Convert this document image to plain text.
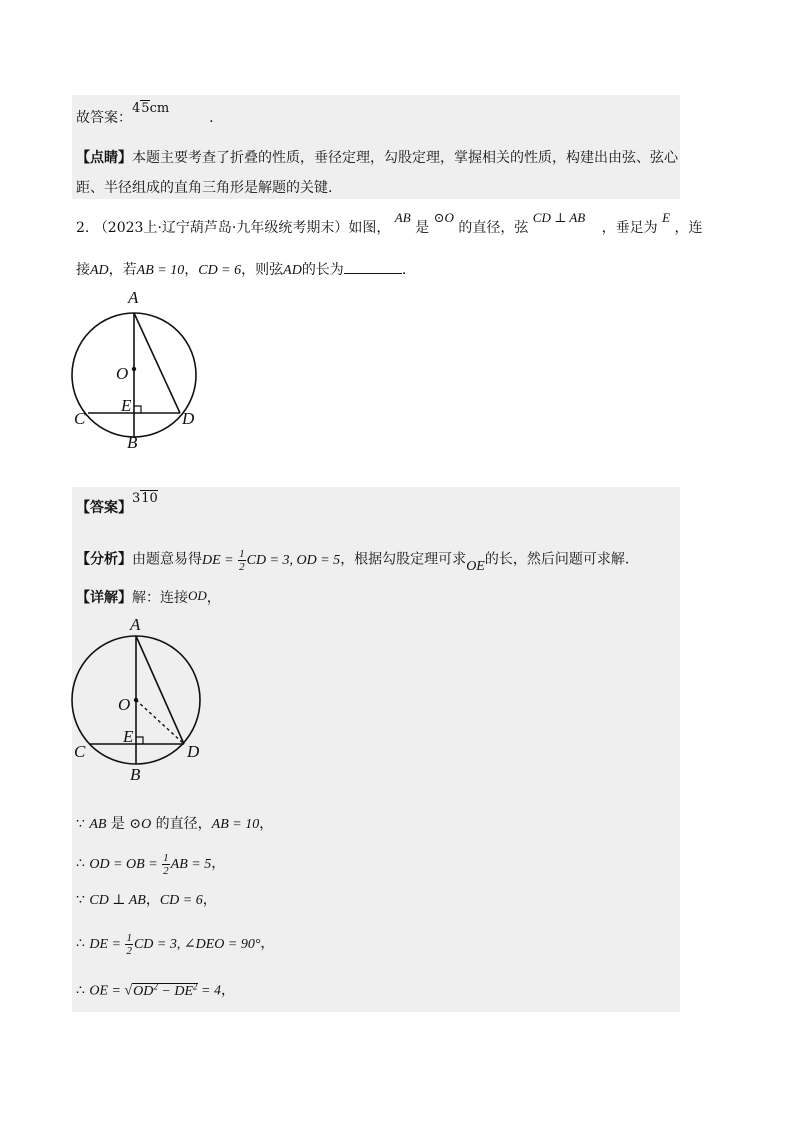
故答案：45cm.
【点睛】本题主要考查了折叠的性质，垂径定理，勾股定理，掌握相关的性质，构建出由弦、弦心
距、半径组成的直角三角形是解题的关键.
2. （2023上·辽宁葫芦岛·九年级统考期末）如图， AB 是 ⊙O 的直径，弦 CD ⊥ AB ，垂足为 E ，连
接AD，若AB = 10，CD = 6，则弦AD的长为	.
A
O
E
C	D
B
【答案】310
【分析】由题意易得DE = $\frac{1}{2}$ CD = 3, OD = 5，根据勾股定理可求OE的长，然后问题可求解.
【详解】解：连接OD，
A
O
E
C	D
B
∵ AB 是 ⊙O 的直径，AB = 10，
∴ OD = OB = $\frac{1}{2}$ AB = 5，
∵ CD ⊥ AB，CD = 6，
∴ DE = $\frac{1}{2}$ CD = 3, ∠DEO = 90°，
∴ OE = $√OD^2 - DE^2 = 4$，
